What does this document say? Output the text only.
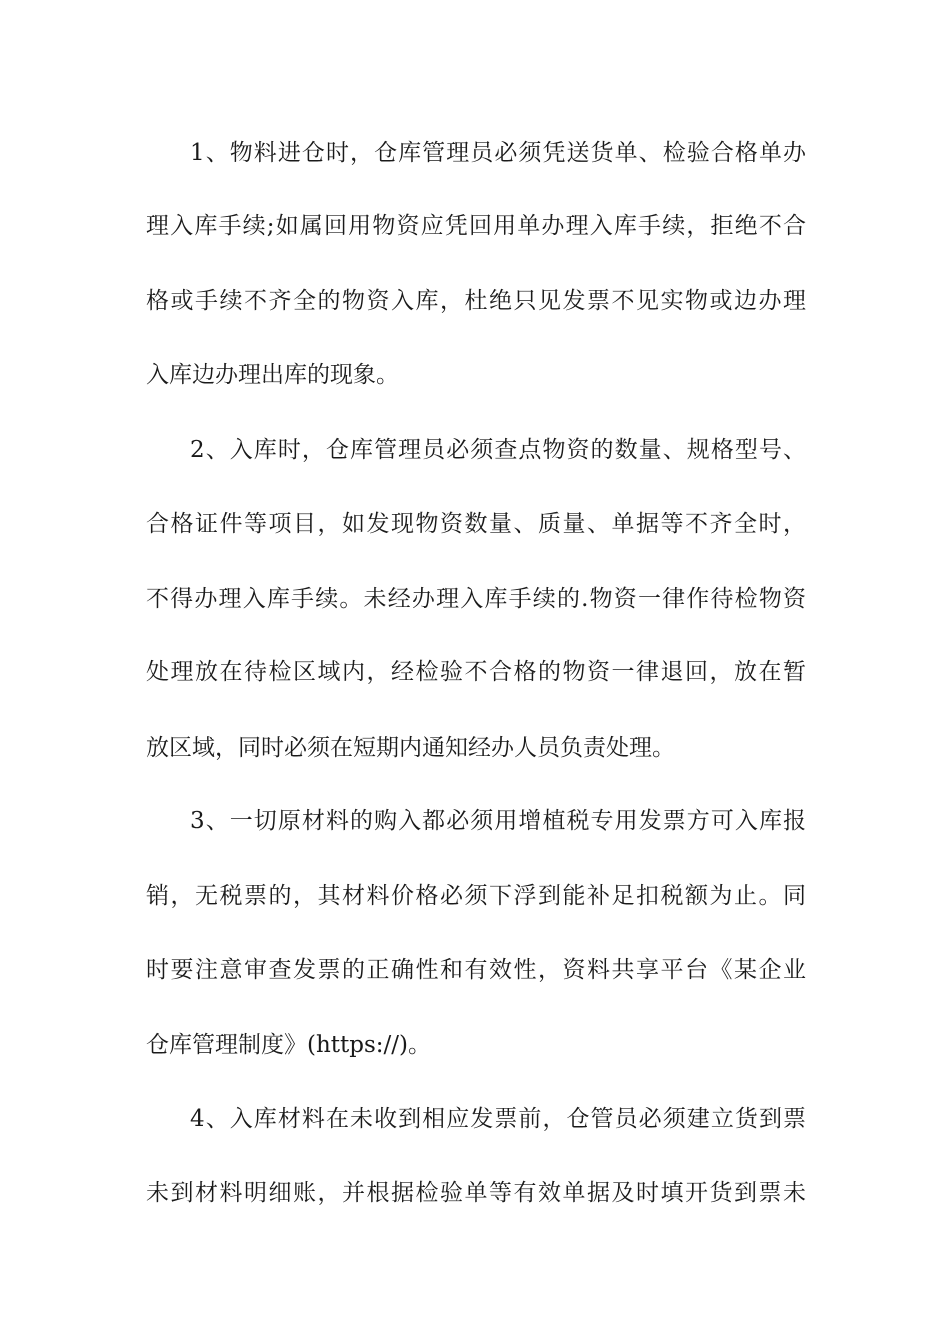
1、物料进仓时，仓库管理员必须凭送货单、检验合格单办
理入库手续;如属回用物资应凭回用单办理入库手续，拒绝不合
格或手续不齐全的物资入库，杜绝只见发票不见实物或边办理
入库边办理出库的现象。
2、入库时，仓库管理员必须查点物资的数量、规格型号、
合格证件等项目，如发现物资数量、质量、单据等不齐全时，
不得办理入库手续。未经办理入库手续的.物资一律作待检物资
处理放在待检区域内，经检验不合格的物资一律退回，放在暂
放区域，同时必须在短期内通知经办人员负责处理。
3、一切原材料的购入都必须用增植税专用发票方可入库报
销，无税票的，其材料价格必须下浮到能补足扣税额为止。同
时要注意审查发票的正确性和有效性，资料共享平台《某企业
仓库管理制度》(https://)。
4、入库材料在未收到相应发票前，仓管员必须建立货到票
未到材料明细账，并根据检验单等有效单据及时填开货到票未
